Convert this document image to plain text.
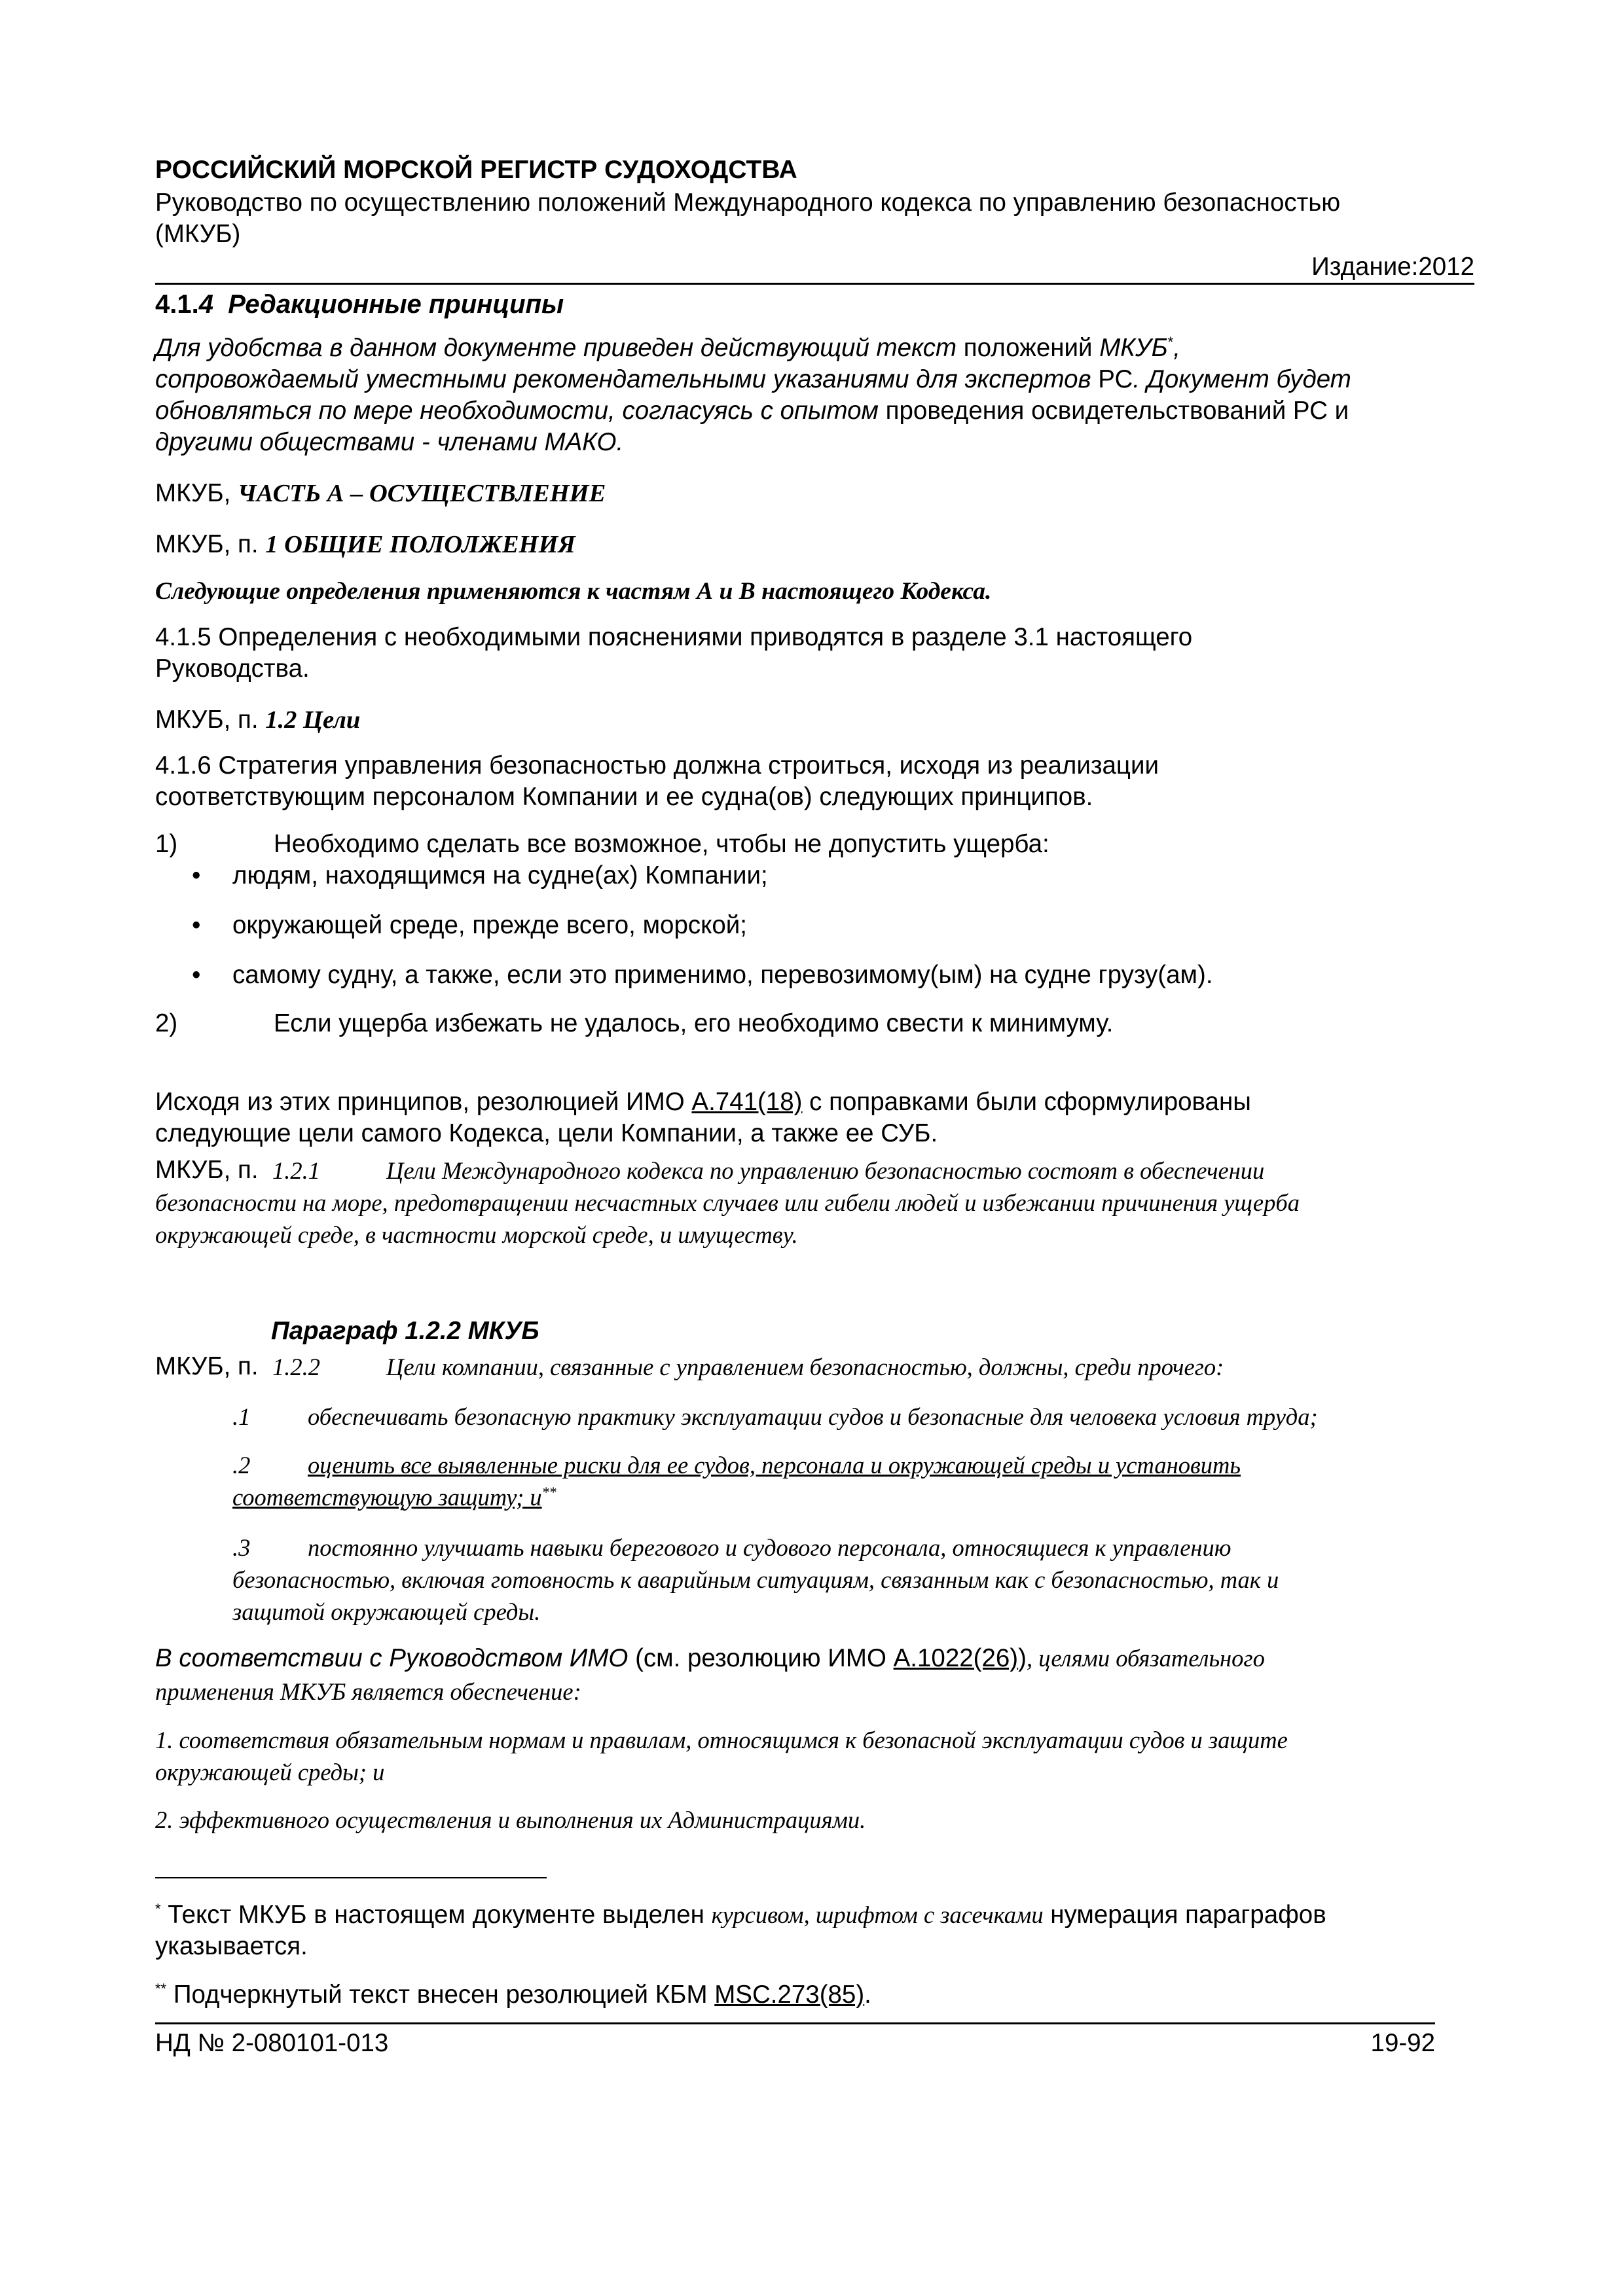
РОССИЙСКИЙ МОРСКОЙ РЕГИСТР СУДОХОДСТВА
Руководство по осуществлению положений Международного кодекса по управлению безопасностью
(МКУБ)
Издание:2012
4.1.4 Редакционные принципы
Для удобства в данном документе приведен действующий текст положений МКУБ*,
сопровождаемый уместными рекомендательными указаниями для экспертов РС. Документ будет
обновляться по мере необходимости, согласуясь с опытом проведения освидетельствований РС и
другими обществами - членами МАКО.
МКУБ, ЧАСТЬ А – ОСУЩЕСТВЛЕНИЕ
МКУБ, п. 1 ОБЩИЕ ПОЛОЛЖЕНИЯ
Следующие определения применяются к частям А и В настоящего Кодекса.
4.1.5 Определения с необходимыми пояснениями приводятся в разделе 3.1 настоящего
Руководства.
МКУБ, п. 1.2 Цели
4.1.6 Стратегия управления безопасностью должна строиться, исходя из реализации
соответствующим персоналом Компании и ее судна(ов) следующих принципов.
1)	Необходимо сделать все возможное, чтобы не допустить ущерба:
• людям, находящимся на судне(ах) Компании;
• окружающей среде, прежде всего, морской;
• самому судну, а также, если это применимо, перевозимому(ым) на судне грузу(ам).
2)	Если ущерба избежать не удалось, его необходимо свести к минимуму.
Исходя из этих принципов, резолюцией ИМО А.741(18) с поправками были сформулированы
следующие цели самого Кодекса, цели Компании, а также ее СУБ.
МКУБ, п. 1.2.1	Цели Международного кодекса по управлению безопасностью состоят в обеспечении
безопасности на море, предотвращении несчастных случаев или гибели людей и избежании причинения ущерба
окружающей среде, в частности морской среде, и имуществу.
Параграф 1.2.2 МКУБ
МКУБ, п. 1.2.2	Цели компании, связанные с управлением безопасностью, должны, среди прочего:
.1 обеспечивать безопасную практику эксплуатации судов и безопасные для человека условия труда;
.2 оценить все выявленные риски для ее судов, персонала и окружающей среды и установить
соответствующую защиту; и**
.3 постоянно улучшать навыки берегового и судового персонала, относящиеся к управлению
безопасностью, включая готовность к аварийным ситуациям, связанным как с безопасностью, так и
защитой окружающей среды.
В соответствии с Руководством ИМО (см. резолюцию ИМО А.1022(26)), целями обязательного
применения МКУБ является обеспечение:
1. соответствия обязательным нормам и правилам, относящимся к безопасной эксплуатации судов и защите
окружающей среды; и
2. эффективного осуществления и выполнения их Администрациями.
* Текст МКУБ в настоящем документе выделен курсивом, шрифтом с засечками нумерация параграфов
указывается.
** Подчеркнутый текст внесен резолюцией КБМ MSC.273(85).
НД № 2-080101-013	19-92
